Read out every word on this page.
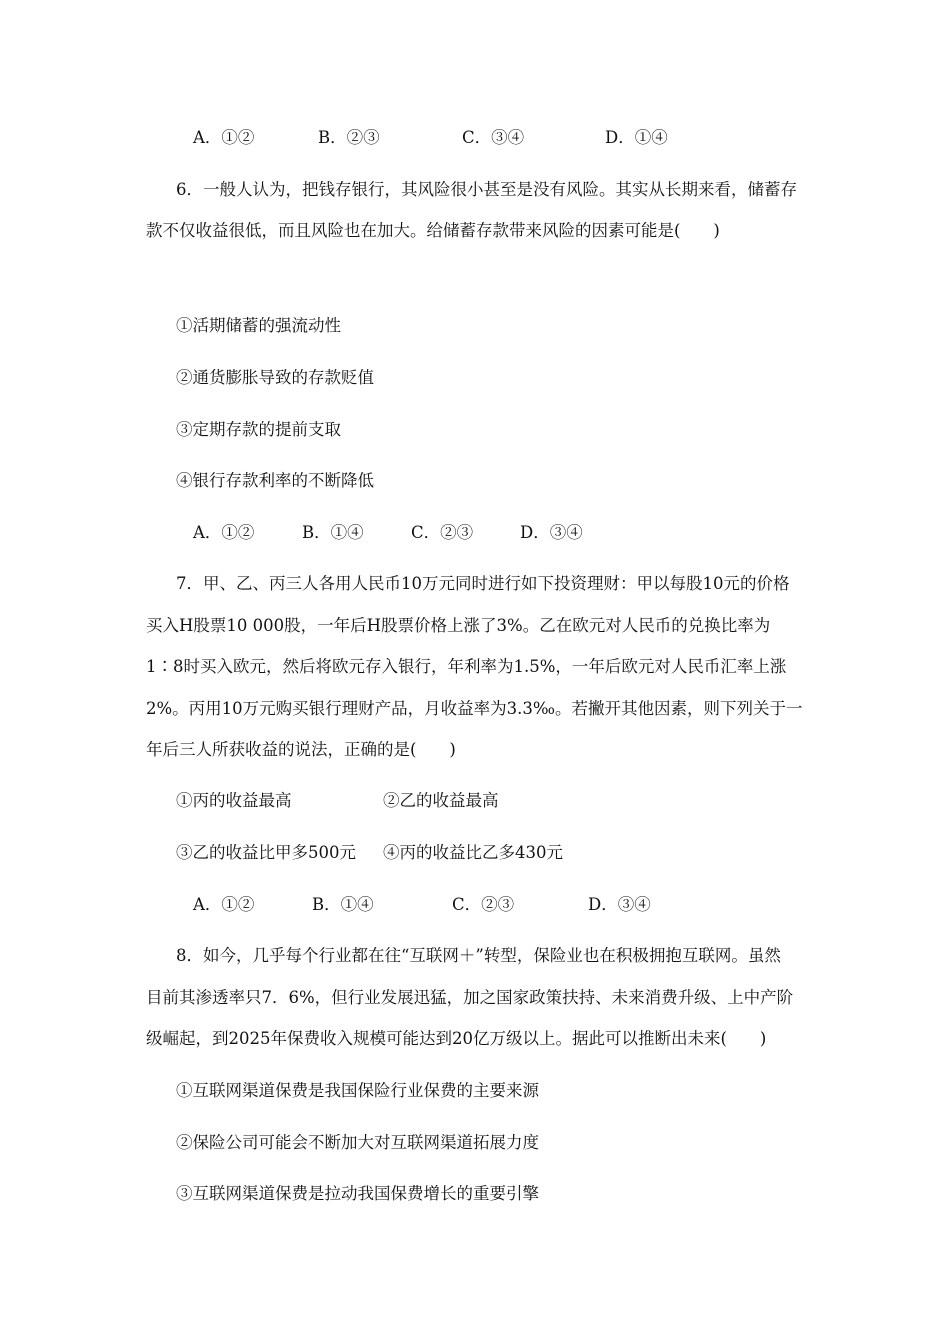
A．①②	B．②③	C．③④	D．①④
6．一般人认为，把钱存银行，其风险很小甚至是没有风险。其实从长期来看，储蓄存
款不仅收益很低，而且风险也在加大。给储蓄存款带来风险的因素可能是(　　)
①活期储蓄的强流动性
②通货膨胀导致的存款贬值
③定期存款的提前支取
④银行存款利率的不断降低
A．①②	B．①④	C．②③	D．③④
7．甲、乙、丙三人各用人民币10万元同时进行如下投资理财：甲以每股10元的价格
买入H股票10 000股，一年后H股票价格上涨了3%。乙在欧元对人民币的兑换比率为
1∶8时买入欧元，然后将欧元存入银行，年利率为1.5%，一年后欧元对人民币汇率上涨
2%。丙用10万元购买银行理财产品，月收益率为3.3‰。若撇开其他因素，则下列关于一
年后三人所获收益的说法，正确的是(　　)
①丙的收益最高	②乙的收益最高
③乙的收益比甲多500元 ④丙的收益比乙多430元
A．①②	B．①④	C．②③	D．③④
8．如今，几乎每个行业都在往“互联网＋”转型，保险业也在积极拥抱互联网。虽然
目前其渗透率只7．6%，但行业发展迅猛，加之国家政策扶持、未来消费升级、上中产阶
级崛起，到2025年保费收入规模可能达到20亿万级以上。据此可以推断出未来(　　)
①互联网渠道保费是我国保险行业保费的主要来源
②保险公司可能会不断加大对互联网渠道拓展力度
③互联网渠道保费是拉动我国保费增长的重要引擎
